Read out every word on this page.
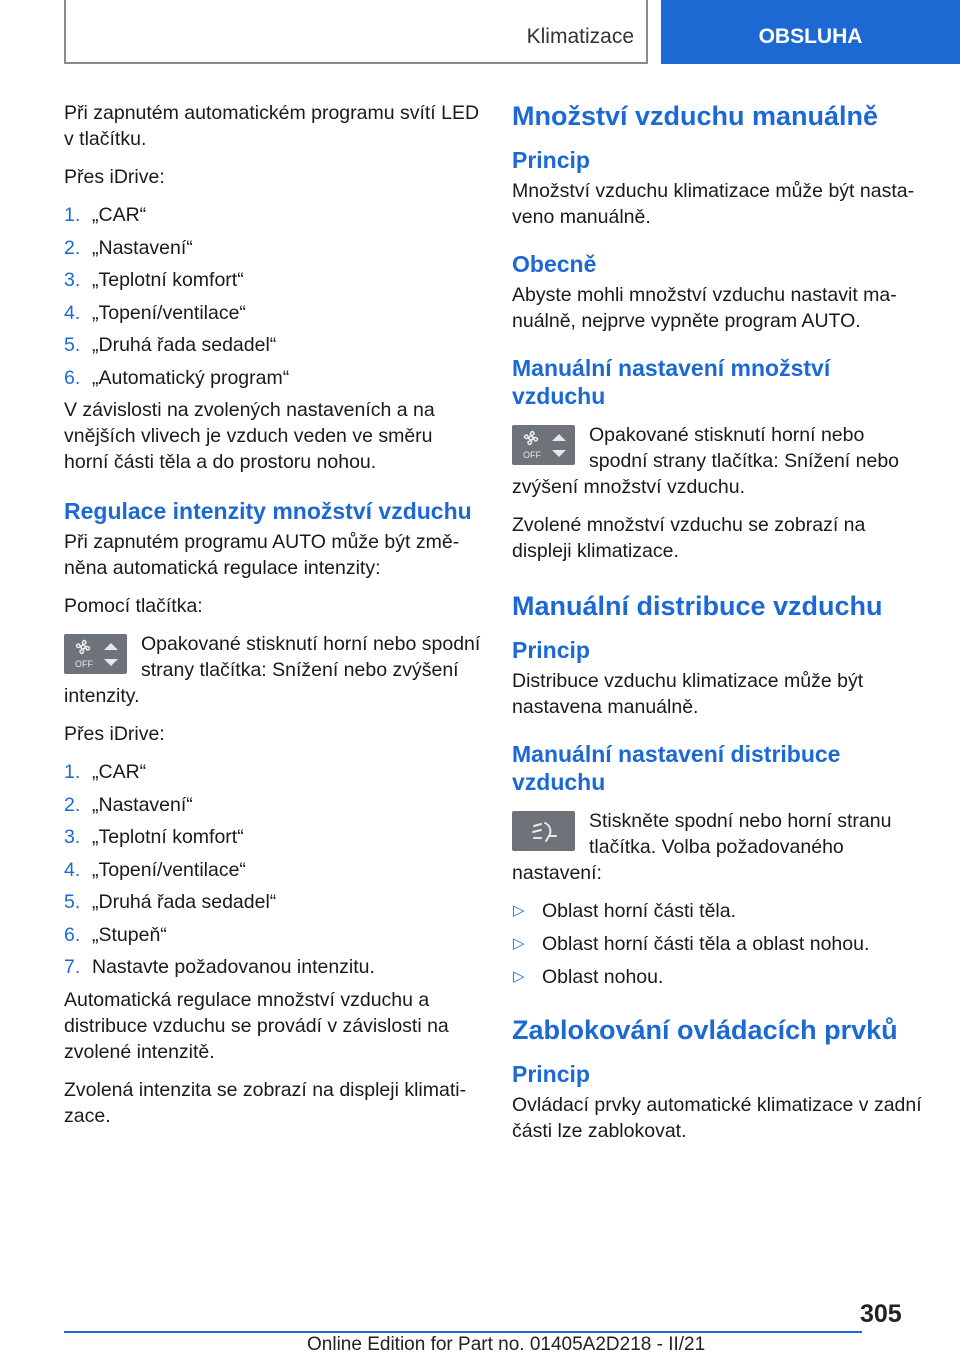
Klimatizace	OBSLUHA

Při zapnutém automatickém programu svítí LED v tlačítku.

Přes iDrive:

1. „CAR“
2. „Nastavení“
3. „Teplotní komfort“
4. „Topení/ventilace“
5. „Druhá řada sedadel“
6. „Automatický program“

V závislosti na zvolených nastaveních a na vnějších vlivech je vzduch veden ve směru horní části těla a do prostoru nohou.

Regulace intenzity množství vzduchu

Při zapnutém programu AUTO může být změněna automatická regulace intenzity:

Pomocí tlačítka:

OFF

Opakované stisknutí horní nebo spodní strany tlačítka: Snížení nebo zvýšení intenzity.

Přes iDrive:

1. „CAR“
2. „Nastavení“
3. „Teplotní komfort“
4. „Topení/ventilace“
5. „Druhá řada sedadel“
6. „Stupeň“
7. Nastavte požadovanou intenzitu.

Automatická regulace množství vzduchu a distribuce vzduchu se provádí v závislosti na zvolené intenzitě.

Zvolená intenzita se zobrazí na displeji klimatizace.

Množství vzduchu manuálně
Princip

Množství vzduchu klimatizace může být nastaveno manuálně.

Obecně

Abyste mohli množství vzduchu nastavit manuálně, nejprve vypněte program AUTO.

Manuální nastavení množství vzduchu
OFF

Opakované stisknutí horní nebo spodní strany tlačítka: Snížení nebo zvýšení množství vzduchu.

Zvolené množství vzduchu se zobrazí na displeji klimatizace.

Manuální distribuce vzduchu
Princip

Distribuce vzduchu klimatizace může být nastavena manuálně.

Manuální nastavení distribuce vzduchu

Stiskněte spodní nebo horní stranu tlačítka. Volba požadovaného nastavení:

▷ Oblast horní části těla.
▷ Oblast horní části těla a oblast nohou.
▷ Oblast nohou.
Zablokování ovládacích prvků
Princip

Ovládací prvky automatické klimatizace v zadní části lze zablokovat.

305
Online Edition for Part no. 01405A2D218 - II/21
